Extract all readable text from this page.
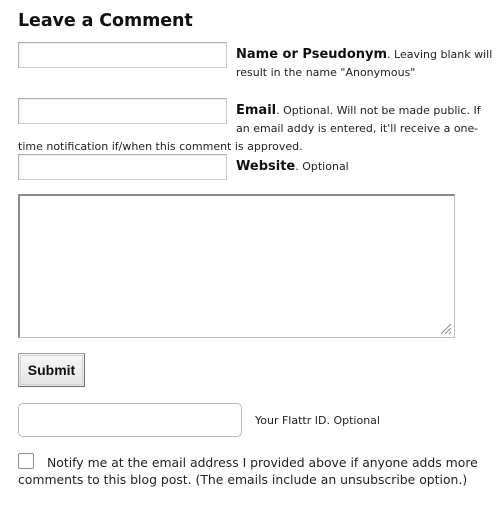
Leave a Comment
Name or Pseudonym. Leaving blank will result in the name "Anonymous"
Email. Optional. Will not be made public. If an email addy is entered, it'll receive a one-time notification if/when this comment is approved.
Website. Optional
Submit
Your Flattr ID. Optional

Notify me at the email address I provided above if anyone adds more comments to this blog post. (The emails include an unsubscribe option.)
